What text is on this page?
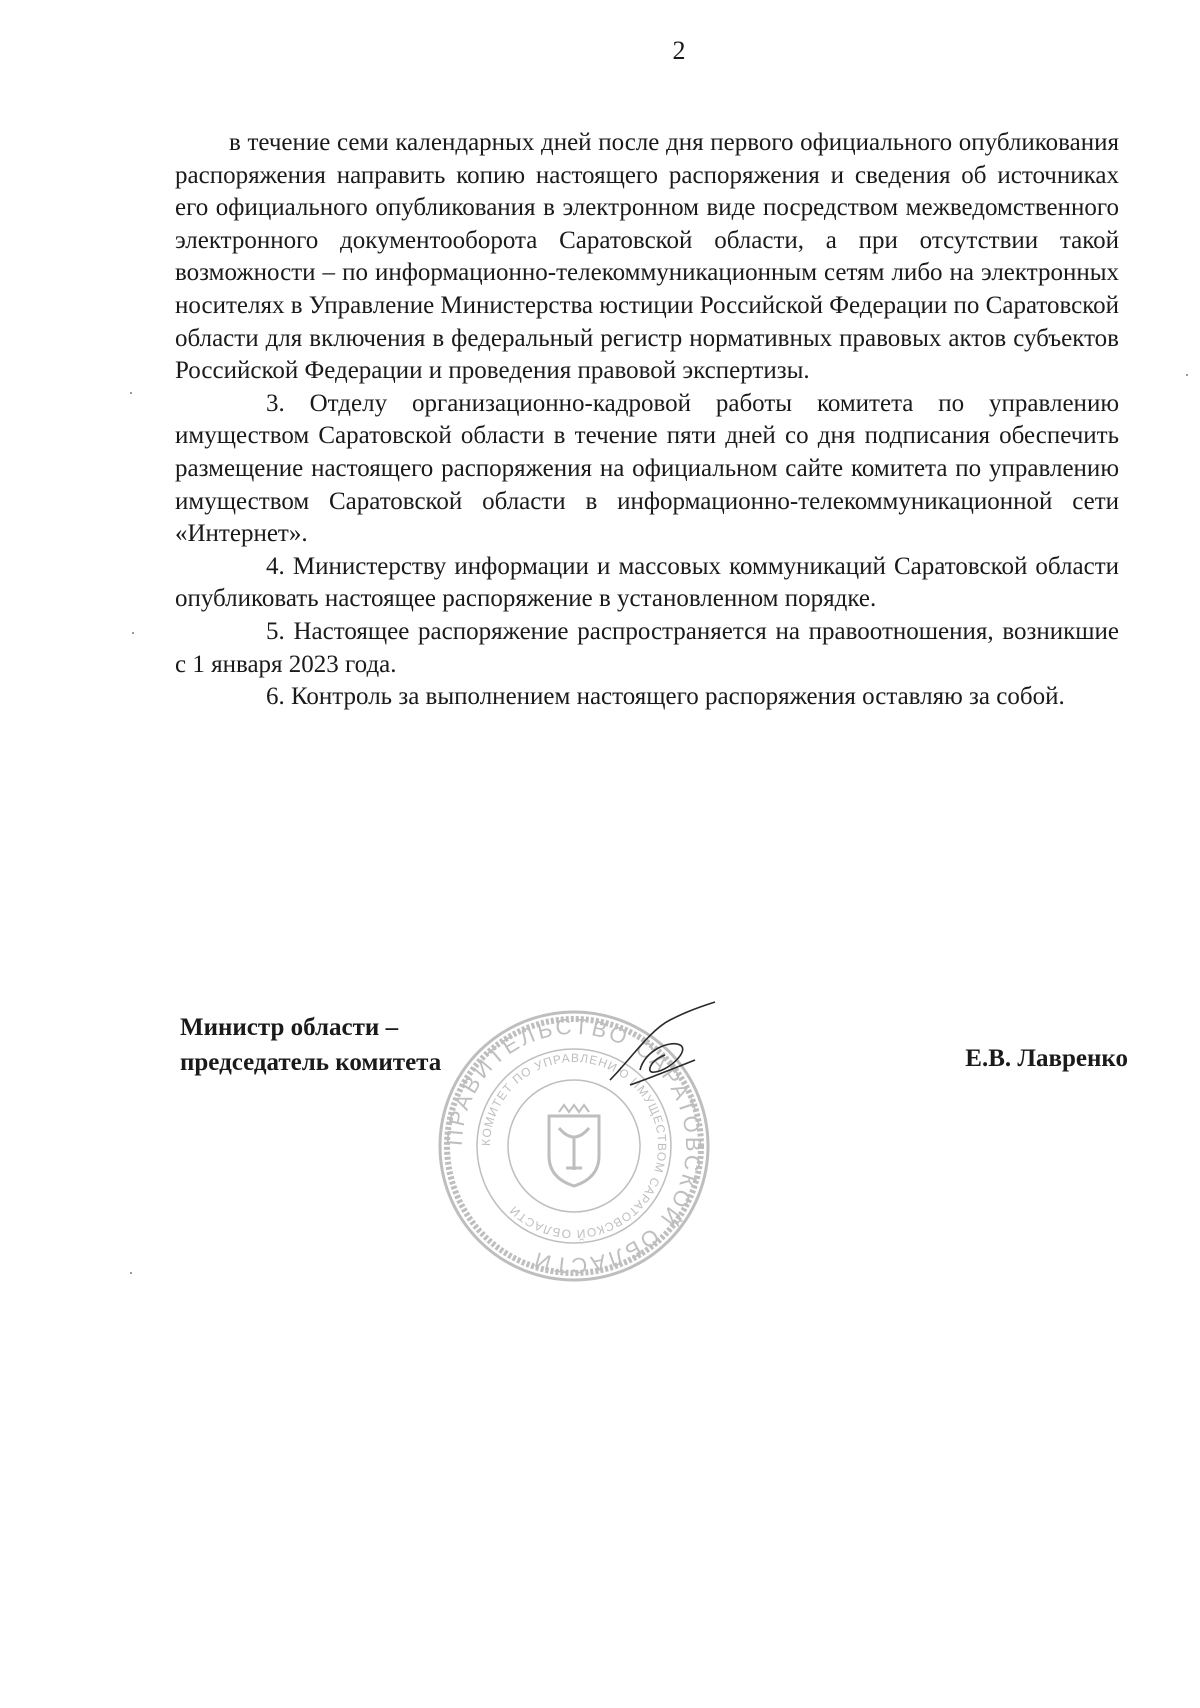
2

в течение семи календарных дней после дня первого официального опубликования распоряжения направить копию настоящего распоряжения и сведения об источниках его официального опубликования в электронном виде посредством межведомственного электронного документооборота Саратовской области, а при отсутствии такой возможности – по информационно-телекоммуникационным сетям либо на электронных носителях в Управление Министерства юстиции Российской Федерации по Саратовской области для включения в федеральный регистр нормативных правовых актов субъектов Российской Федерации и проведения правовой экспертизы.

3. Отделу организационно-кадровой работы комитета по управлению имуществом Саратовской области в течение пяти дней со дня подписания обеспечить размещение настоящего распоряжения на официальном сайте комитета по управлению имуществом Саратовской области в информационно-телекоммуникационной сети «Интернет».

4. Министерству информации и массовых коммуникаций Саратовской области опубликовать настоящее распоряжение в установленном порядке.

5. Настоящее распоряжение распространяется на правоотношения, возникшие с 1 января 2023 года.

6. Контроль за выполнением настоящего распоряжения оставляю за собой.

Министр области –
председатель комитета	Е.В. Лавренко
ПРАВИТЕЛЬСТВО САРАТОВСКОЙ ОБЛАСТИ
КОМИТЕТ ПО УПРАВЛЕНИЮ ИМУЩЕСТВОМ САРАТОВСКОЙ ОБЛАСТИ
